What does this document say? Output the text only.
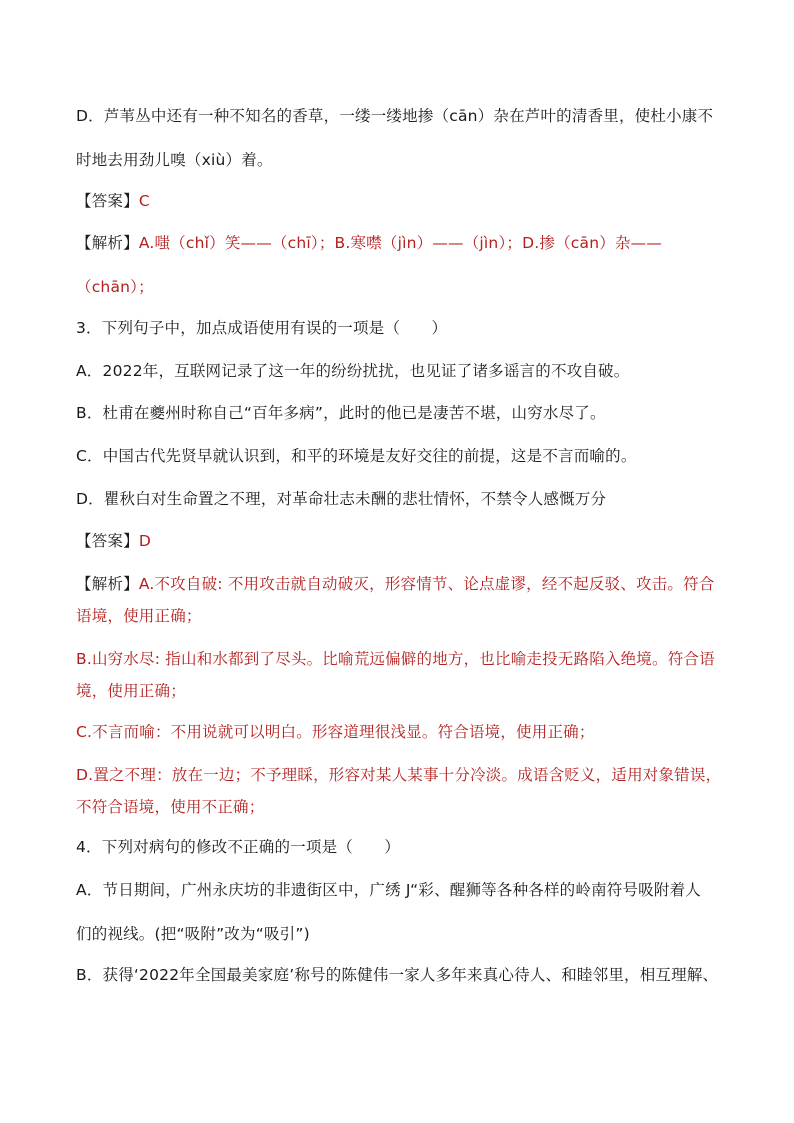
D．芦苇丛中还有一种不知名的香草，一缕一缕地掺（cān）杂在芦叶的清香里，使杜小康不
时地去用劲儿嗅（xiù）着。
【答案】C
【解析】A.嗤（chǐ）笑——（chī）；B.寒噤（jìn）——（jìn）；D.掺（cān）杂——
（chān）；
3．下列句子中，加点成语使用有误的一项是（　　）
A．2022年，互联网记录了这一年的纷纷扰扰，也见证了诸多谣言的不攻自破。
B．杜甫在夔州时称自己“百年多病”，此时的他已是凄苦不堪，山穷水尽了。
C．中国古代先贤早就认识到，和平的环境是友好交往的前提，这是不言而喻的。
D．瞿秋白对生命置之不理，对革命壮志未酬的悲壮情怀，不禁令人感慨万分
【答案】D
【解析】A.不攻自破: 不用攻击就自动破灭，形容情节、论点虚谬，经不起反驳、攻击。符合
语境，使用正确；
B.山穷水尽: 指山和水都到了尽头。比喻荒远偏僻的地方，也比喻走投无路陷入绝境。符合语
境，使用正确；
C.不言而喻：不用说就可以明白。形容道理很浅显。符合语境，使用正确；
D.置之不理：放在一边；不予理睬，形容对某人某事十分冷淡。成语含贬义，适用对象错误，
不符合语境，使用不正确；
4．下列对病句的修改不正确的一项是（　　）
A．节日期间，广州永庆坊的非遗街区中，广绣 J“彩、醒狮等各种各样的岭南符号吸附着人
们的视线。(把“吸附”改为“吸引”)
B．获得‘2022年全国最美家庭’称号的陈健伟一家人多年来真心待人、和睦邻里，相互理解、
